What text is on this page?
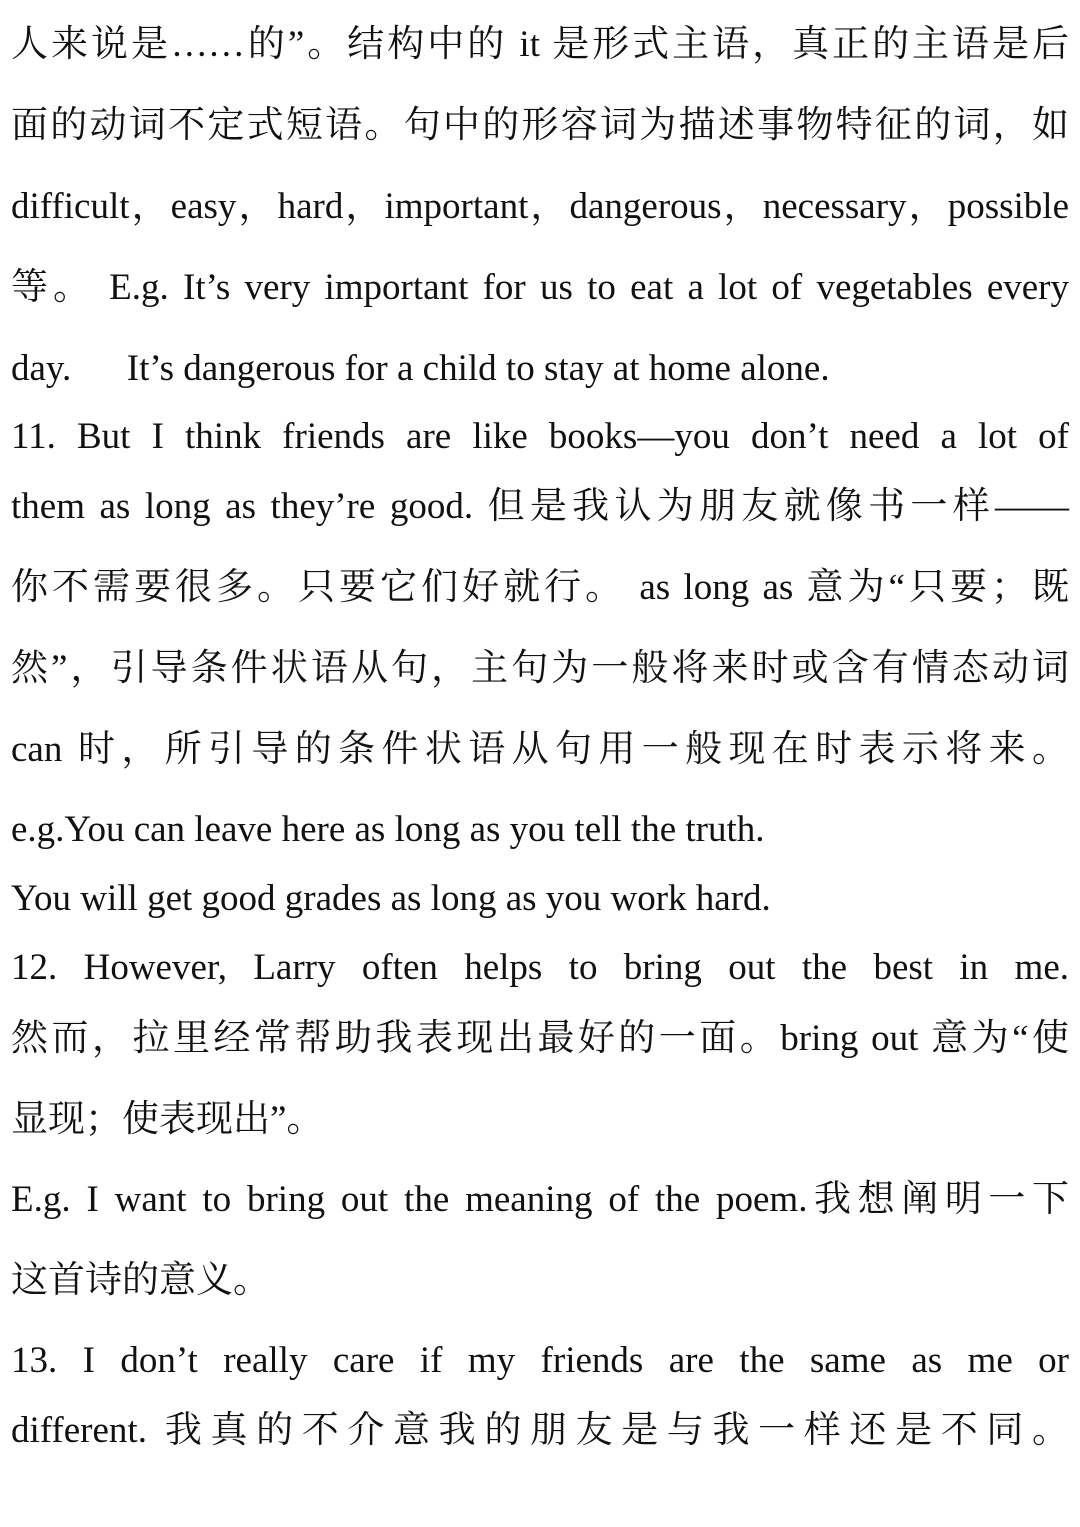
人来说是……的”。结构中的 it 是形式主语，真正的主语是后
面的动词不定式短语。句中的形容词为描述事物特征的词，如
difficult，easy，hard，important，dangerous，necessary，possible
等。 E.g. It’s very important for us to eat a lot of vegetables every
day.      It’s dangerous for a child to stay at home alone.
11. But I think friends are like books—you don’t need a lot of
them as long as they’re good. 但是我认为朋友就像书一样——
你不需要很多。只要它们好就行。 as long as 意为“只要；既
然”，引导条件状语从句，主句为一般将来时或含有情态动词
can 时，所引导的条件状语从句用一般现在时表示将来。
e.g.You can leave here as long as you tell the truth.
You will get good grades as long as you work hard.
12. However, Larry often helps to bring out the best in me.
然而，拉里经常帮助我表现出最好的一面。bring out 意为“使
显现；使表现出”。
E.g. I want to bring out the meaning of the poem.我想阐明一下
这首诗的意义。
13. I don’t really care if my friends are the same as me or
different. 我真的不介意我的朋友是与我一样还是不同。
